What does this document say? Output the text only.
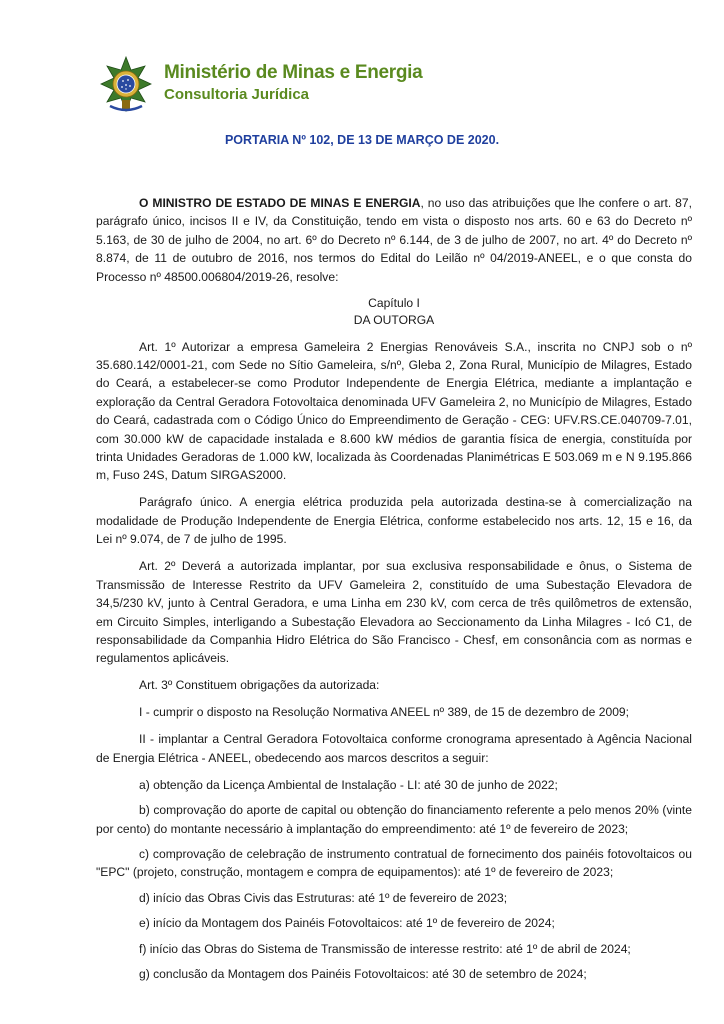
Ministério de Minas e Energia
Consultoria Jurídica
PORTARIA Nº 102, DE 13 DE MARÇO DE 2020.

O MINISTRO DE ESTADO DE MINAS E ENERGIA, no uso das atribuições que lhe confere o art. 87, parágrafo único, incisos II e IV, da Constituição, tendo em vista o disposto nos arts. 60 e 63 do Decreto nº 5.163, de 30 de julho de 2004, no art. 6º do Decreto nº 6.144, de 3 de julho de 2007, no art. 4º do Decreto nº 8.874, de 11 de outubro de 2016, nos termos do Edital do Leilão nº 04/2019-ANEEL, e o que consta do Processo nº 48500.006804/2019-26, resolve:

Capítulo I
DA OUTORGA

Art. 1º Autorizar a empresa Gameleira 2 Energias Renováveis S.A., inscrita no CNPJ sob o nº 35.680.142/0001-21, com Sede no Sítio Gameleira, s/nº, Gleba 2, Zona Rural, Município de Milagres, Estado do Ceará, a estabelecer-se como Produtor Independente de Energia Elétrica, mediante a implantação e exploração da Central Geradora Fotovoltaica denominada UFV Gameleira 2, no Município de Milagres, Estado do Ceará, cadastrada com o Código Único do Empreendimento de Geração - CEG: UFV.RS.CE.040709-7.01, com 30.000 kW de capacidade instalada e 8.600 kW médios de garantia física de energia, constituída por trinta Unidades Geradoras de 1.000 kW, localizada às Coordenadas Planimétricas E 503.069 m e N 9.195.866 m, Fuso 24S, Datum SIRGAS2000.

Parágrafo único. A energia elétrica produzida pela autorizada destina-se à comercialização na modalidade de Produção Independente de Energia Elétrica, conforme estabelecido nos arts. 12, 15 e 16, da Lei nº 9.074, de 7 de julho de 1995.

Art. 2º Deverá a autorizada implantar, por sua exclusiva responsabilidade e ônus, o Sistema de Transmissão de Interesse Restrito da UFV Gameleira 2, constituído de uma Subestação Elevadora de 34,5/230 kV, junto à Central Geradora, e uma Linha em 230 kV, com cerca de três quilômetros de extensão, em Circuito Simples, interligando a Subestação Elevadora ao Seccionamento da Linha Milagres - Icó C1, de responsabilidade da Companhia Hidro Elétrica do São Francisco - Chesf, em consonância com as normas e regulamentos aplicáveis.

Art. 3º Constituem obrigações da autorizada:

I - cumprir o disposto na Resolução Normativa ANEEL nº 389, de 15 de dezembro de 2009;

II - implantar a Central Geradora Fotovoltaica conforme cronograma apresentado à Agência Nacional de Energia Elétrica - ANEEL, obedecendo aos marcos descritos a seguir:

a) obtenção da Licença Ambiental de Instalação - LI: até 30 de junho de 2022;

b) comprovação do aporte de capital ou obtenção do financiamento referente a pelo menos 20% (vinte por cento) do montante necessário à implantação do empreendimento: até 1º de fevereiro de 2023;

c) comprovação de celebração de instrumento contratual de fornecimento dos painéis fotovoltaicos ou "EPC" (projeto, construção, montagem e compra de equipamentos): até 1º de fevereiro de 2023;

d) início das Obras Civis das Estruturas: até 1º de fevereiro de 2023;

e) início da Montagem dos Painéis Fotovoltaicos: até 1º de fevereiro de 2024;

f) início das Obras do Sistema de Transmissão de interesse restrito: até 1º de abril de 2024;

g) conclusão da Montagem dos Painéis Fotovoltaicos: até 30 de setembro de 2024;
